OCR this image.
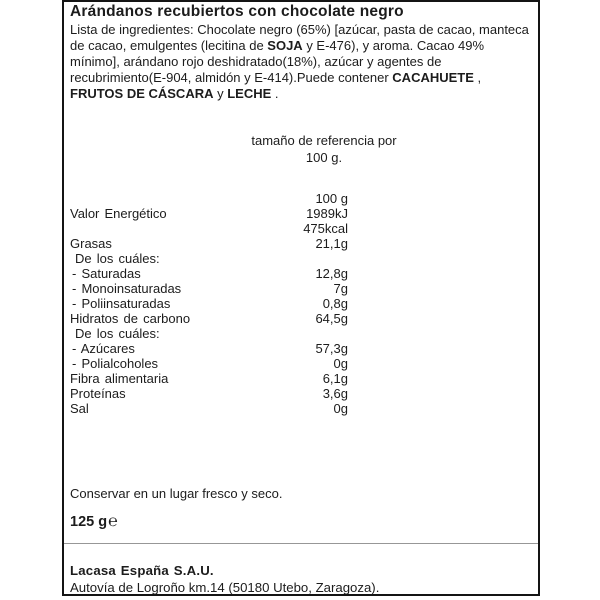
Arándanos recubiertos con chocolate negro

Lista de ingredientes: Chocolate negro (65%) [azúcar, pasta de cacao, manteca de cacao, emulgentes (lecitina de SOJA y E-476), y aroma. Cacao 49% mínimo], arándano rojo deshidratado(18%), azúcar y agentes de recubrimiento(E-904, almidón y E-414).Puede contener CACAHUETE , FRUTOS DE CÁSCARA y LECHE .

tamaño de referencia por
100 g.
100 g
Valor Energético	1989kJ
475kcal
Grasas	21,1g
De los cuáles:
- Saturadas	12,8g
- Monoinsaturadas	7g
- Poliinsaturadas	0,8g
Hidratos de carbono	64,5g
De los cuáles:
- Azúcares	57,3g
- Polialcoholes	0g
Fibra alimentaria	6,1g
Proteínas	3,6g
Sal	0g

Conservar en un lugar fresco y seco.

125 g℮

Lacasa España S.A.U.
Autovía de Logroño km.14 (50180 Utebo, Zaragoza).
